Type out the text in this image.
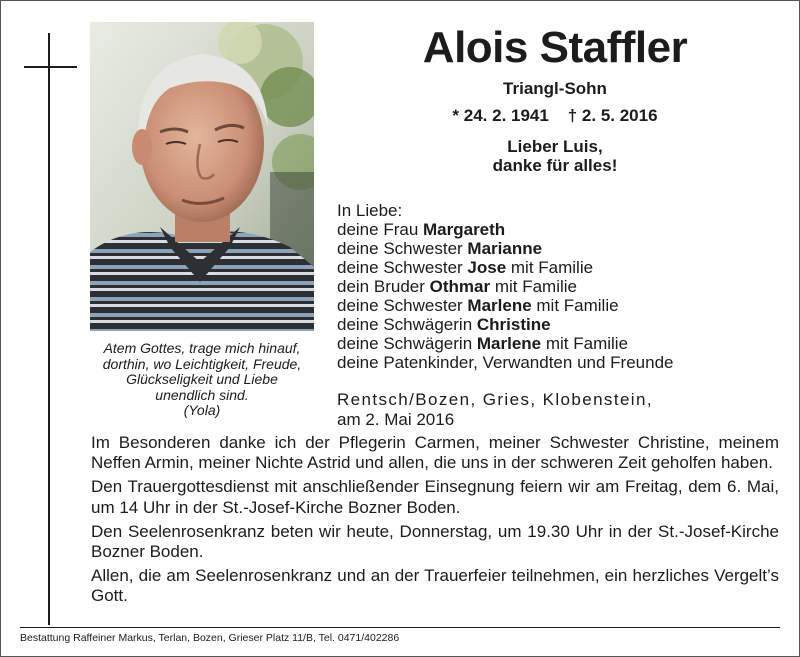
Atem Gottes, trage mich hinauf,
dorthin, wo Leichtigkeit, Freude,
Glückseligkeit und Liebe
unendlich sind.
(Yola)
Alois Staffler
Triangl-Sohn
* 24. 2. 1941 † 2. 5. 2016
Lieber Luis,
danke für alles!
In Liebe:
deine Frau Margareth
deine Schwester Marianne
deine Schwester Jose mit Familie
dein Bruder Othmar mit Familie
deine Schwester Marlene mit Familie
deine Schwägerin Christine
deine Schwägerin Marlene mit Familie
deine Patenkinder, Verwandten und Freunde
Rentsch/Bozen, Gries, Klobenstein,
am 2. Mai 2016

Im Besonderen danke ich der Pflegerin Carmen, meiner Schwester Christine, meinem Neffen Armin, meiner Nichte Astrid und allen, die uns in der schweren Zeit geholfen haben.

Den Trauergottesdienst mit anschließender Einsegnung feiern wir am Freitag, dem 6. Mai, um 14 Uhr in der St.-Josef-Kirche Bozner Boden.

Den Seelenrosenkranz beten wir heute, Donnerstag, um 19.30 Uhr in der St.-Josef-Kirche Bozner Boden.

Allen, die am Seelenrosenkranz und an der Trauerfeier teilnehmen, ein herzliches Vergelt’s Gott.

Bestattung Raffeiner Markus, Terlan, Bozen, Grieser Platz 11/B, Tel. 0471/402286
